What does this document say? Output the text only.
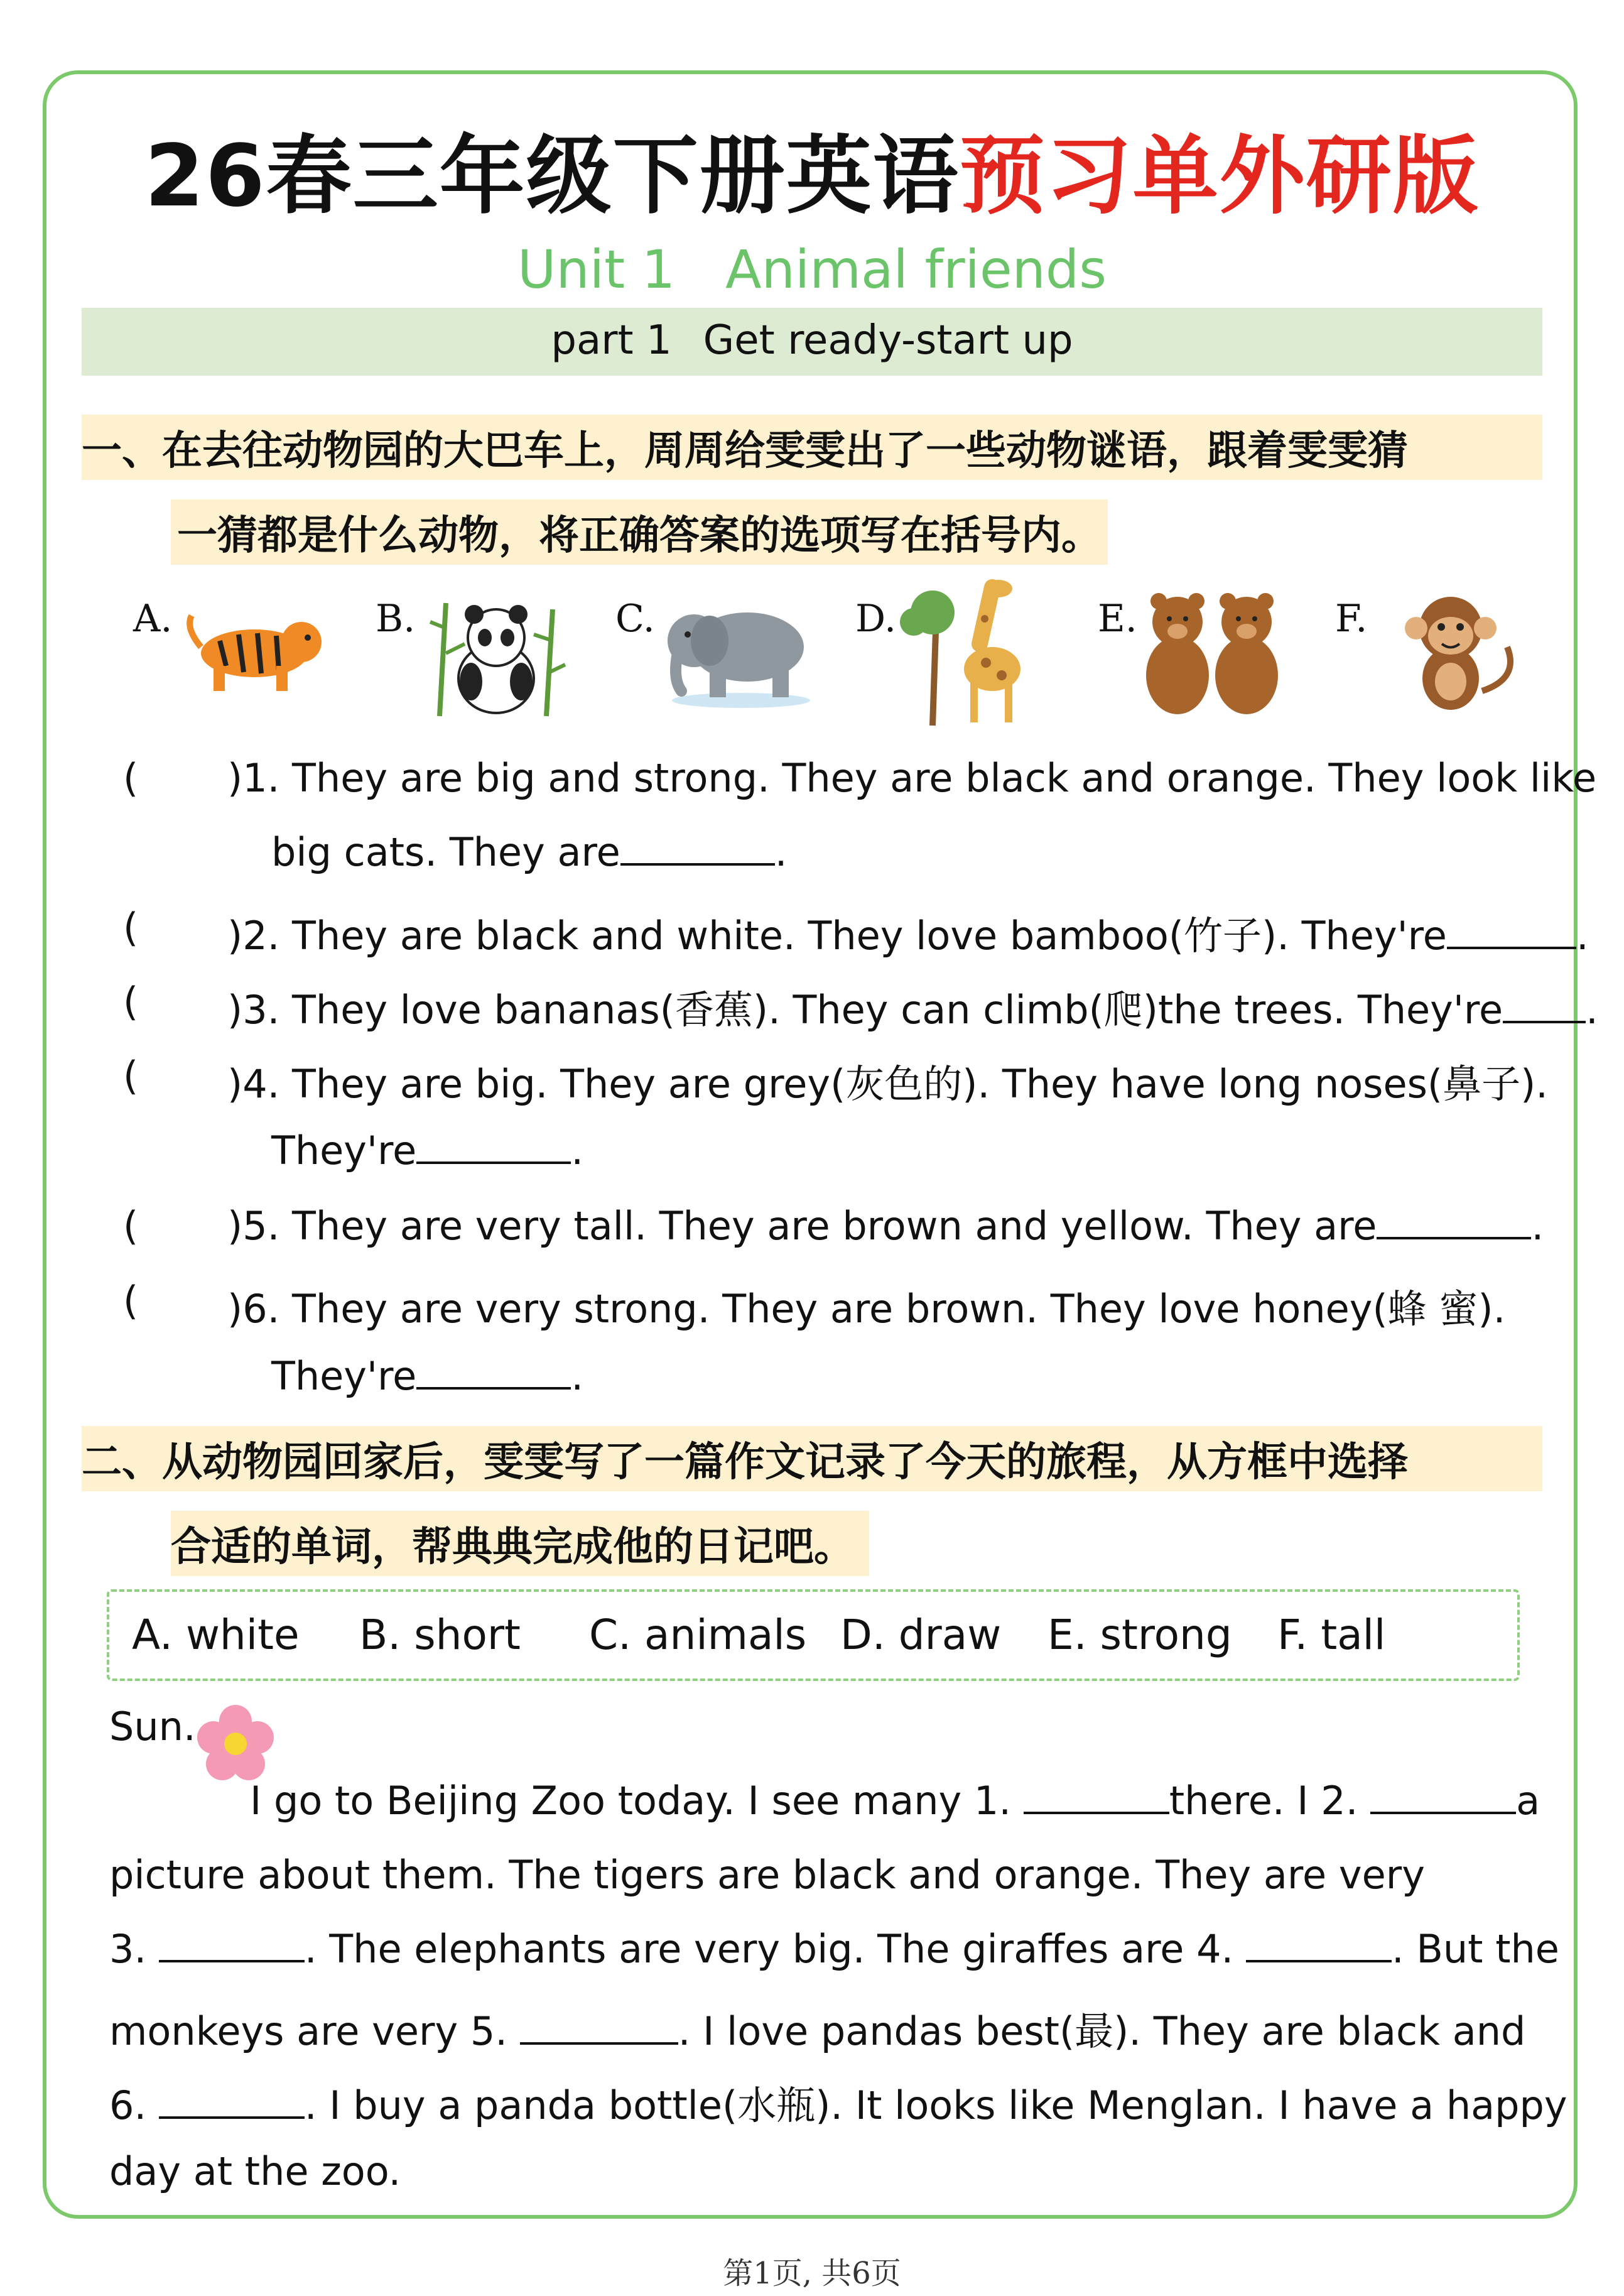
26春三年级下册英语预习单外研版
Unit 1 Animal friends
part 1 Get ready-start up
一、在去往动物园的大巴车上，周周给雯雯出了一些动物谜语，跟着雯雯猜
一猜都是什么动物，将正确答案的选项写在括号内。
A.	B.	C.	D.	E.	F.
( )1. They are big and strong. They are black and orange. They look like
big cats. They are	.
( )2. They are black and white. They love bamboo(竹子). They're	.
( )3. They love bananas(香蕉). They can climb(爬)the trees. They're .
( )4. They are big. They are grey(灰色的). They have long noses(鼻子).
They're	.
( )5. They are very tall. They are brown and yellow. They are	.
( )6. They are very strong. They are brown. They love honey(蜂 蜜).
They're	.
二、从动物园回家后，雯雯写了一篇作文记录了今天的旅程，从方框中选择
合适的单词，帮典典完成他的日记吧。
A. white B. short C. animals D. draw E. strong F. tall
Sun.
I go to Beijing Zoo today. I see many 1.	there. I 2.	a
picture about them. The tigers are black and orange. They are very
3.	. The elephants are very big. The giraffes are 4.	. But the
monkeys are very 5.	. I love pandas best(最). They are black and
6.	. I buy a panda bottle(水瓶). It looks like Menglan. I have a happy
day at the zoo.
第1页, 共6页
